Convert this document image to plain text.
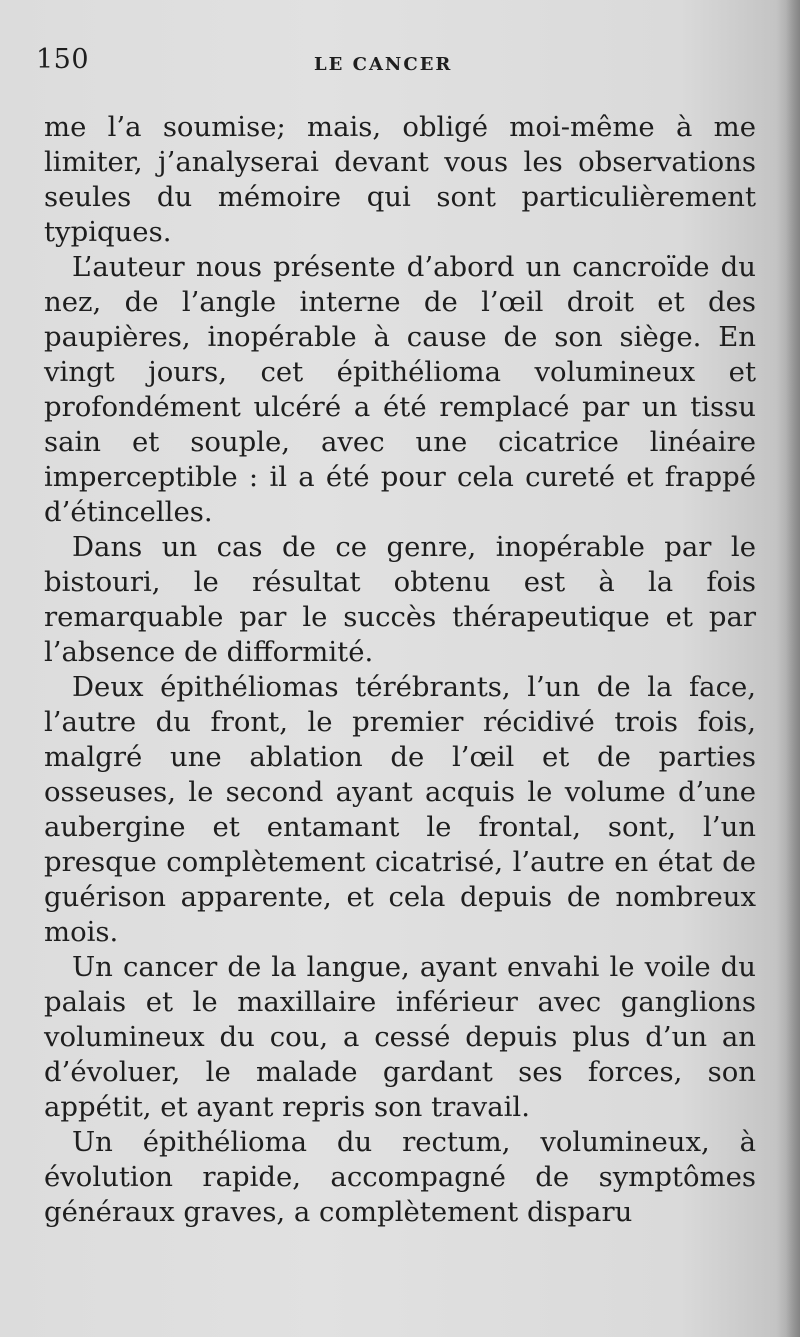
150	LE CANCER

me l’a soumise; mais, obligé moi-même à me limiter, j’analyserai devant vous les observations seules du mémoire qui sont particulièrement typiques.

L’auteur nous présente d’abord un cancroïde du nez, de l’angle interne de l’œil droit et des paupières, inopérable à cause de son siège. En vingt jours, cet épithélioma volumineux et profondément ulcéré a été remplacé par un tissu sain et souple, avec une cicatrice linéaire imperceptible : il a été pour cela cureté et frappé d’étincelles.

Dans un cas de ce genre, inopérable par le bistouri, le résultat obtenu est à la fois remarquable par le succès thérapeutique et par l’absence de difformité.

Deux épithéliomas térébrants, l’un de la face, l’autre du front, le premier récidivé trois fois, malgré une ablation de l’œil et de parties osseuses, le second ayant acquis le volume d’une aubergine et entamant le frontal, sont, l’un presque complètement cicatrisé, l’autre en état de guérison apparente, et cela depuis de nombreux mois.

Un cancer de la langue, ayant envahi le voile du palais et le maxillaire inférieur avec ganglions volumineux du cou, a cessé depuis plus d’un an d’évoluer, le malade gardant ses forces, son appétit, et ayant repris son travail.

Un épithélioma du rectum, volumineux, à évolution rapide, accompagné de symptômes généraux graves, a complètement disparu
